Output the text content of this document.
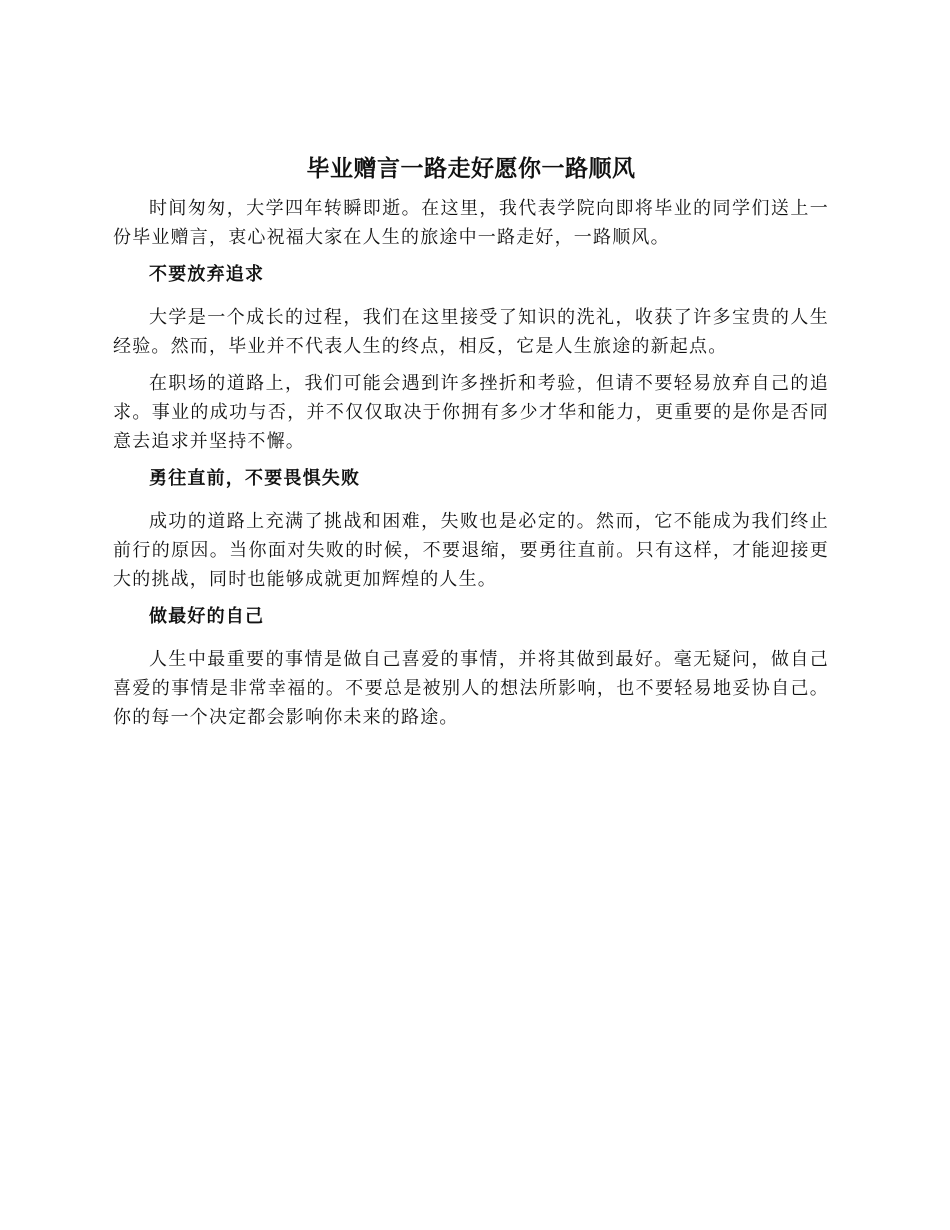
毕业赠言一路走好愿你一路顺风

时间匆匆，大学四年转瞬即逝。在这里，我代表学院向即将毕业的同学们送上一份毕业赠言，衷心祝福大家在人生的旅途中一路走好，一路顺风。

不要放弃追求

大学是一个成长的过程，我们在这里接受了知识的洗礼，收获了许多宝贵的人生经验。然而，毕业并不代表人生的终点，相反，它是人生旅途的新起点。

在职场的道路上，我们可能会遇到许多挫折和考验，但请不要轻易放弃自己的追求。事业的成功与否，并不仅仅取决于你拥有多少才华和能力，更重要的是你是否同意去追求并坚持不懈。

勇往直前，不要畏惧失败

成功的道路上充满了挑战和困难，失败也是必定的。然而，它不能成为我们终止前行的原因。当你面对失败的时候，不要退缩，要勇往直前。只有这样，才能迎接更大的挑战，同时也能够成就更加辉煌的人生。

做最好的自己

人生中最重要的事情是做自己喜爱的事情，并将其做到最好。毫无疑问，做自己喜爱的事情是非常幸福的。不要总是被别人的想法所影响，也不要轻易地妥协自己。你的每一个决定都会影响你未来的路途。
